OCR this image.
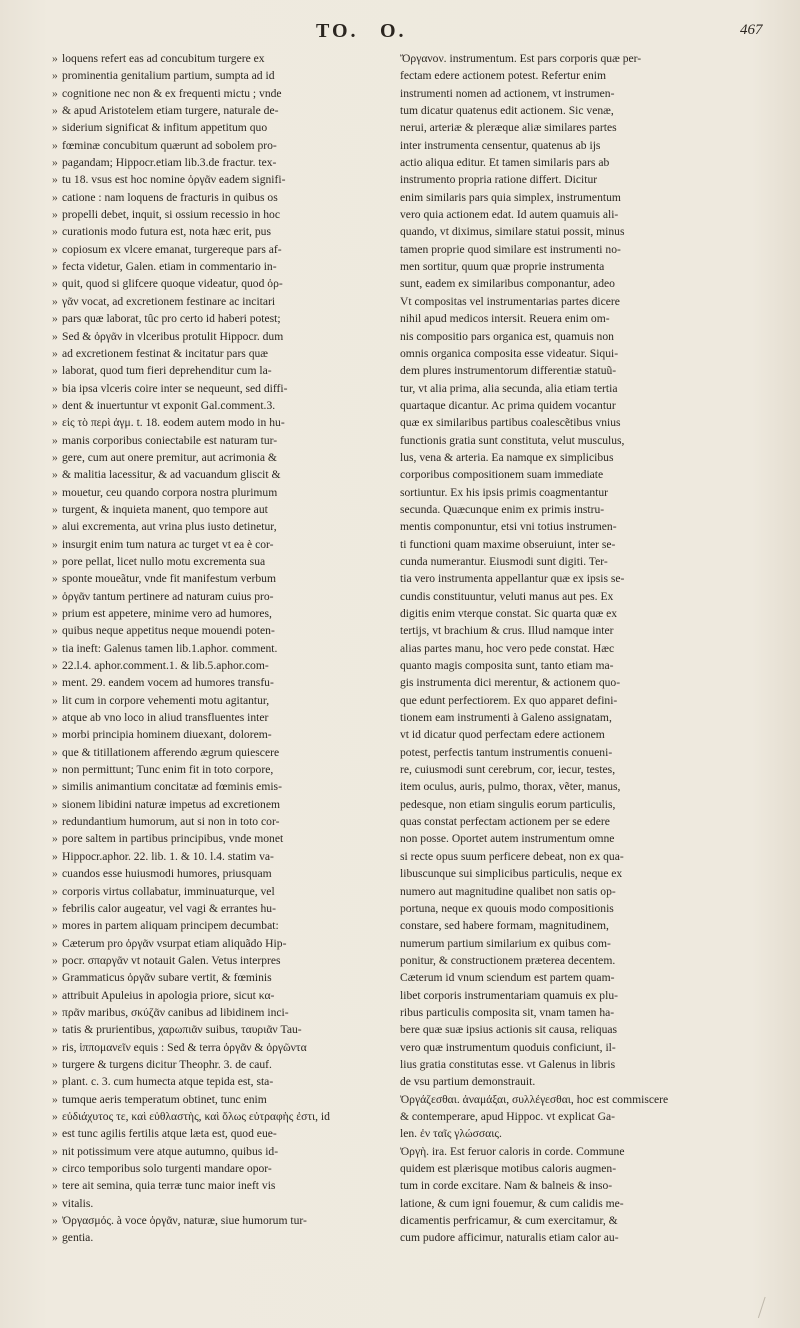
TO. O.	467
» loquens refert eas ad concubitum turgere ex
» prominentia genitalium partium, sumpta ad id
» cognitione nec non & ex frequenti mictu ; vnde
» & apud Aristotelem etiam turgere, naturale de-
» siderium significat & infitum appetitum quo
» fœminæ concubitum quærunt ad sobolem pro-
» pagandam; Hippocr.etiam lib.3.de fractur. tex-
» tu 18. vsus est hoc nomine ὀργᾶν eadem signifi-
» catione : nam loquens de fracturis in quibus os
» propelli debet, inquit, si ossium recessio in hoc
» curationis modo futura est, nota hæc erit, pus
» copiosum ex vlcere emanat, turgereque pars af-
» fecta videtur, Galen. etiam in commentario in-
» quit, quod si glifcere quoque videatur, quod ὀρ-
» γᾶν vocat, ad excretionem festinare ac incitari
» pars quæ laborat, tûc pro certo id haberi potest;
» Sed & ὀργᾶν in vlceribus protulit Hippocr. dum
» ad excretionem festinat & incitatur pars quæ
» laborat, quod tum fieri deprehenditur cum la-
» bia ipsa vlceris coire inter se nequeunt, sed diffi-
» dent & inuertuntur vt exponit Gal.comment.3.
» εἰς τὸ περὶ ἀγμ. t. 18. eodem autem modo in hu-
» manis corporibus coniectabile est naturam tur-
» gere, cum aut onere premitur, aut acrimonia &
» & malitia lacessitur, & ad vacuandum gliscit &
» mouetur, ceu quando corpora nostra plurimum
» turgent, & inquieta manent, quo tempore aut
» alui excrementa, aut vrina plus iusto detinetur,
» insurgit enim tum natura ac turget vt ea è cor-
» pore pellat, licet nullo motu excrementa sua
» sponte moueãtur, vnde fit manifestum verbum
» ὀργᾶν tantum pertinere ad naturam cuius pro-
» prium est appetere, minime vero ad humores,
» quibus neque appetitus neque mouendi poten-
» tia ineft: Galenus tamen lib.1.aphor. comment.
» 22.l.4. aphor.comment.1. & lib.5.aphor.com-
» ment. 29. eandem vocem ad humores transfu-
» lit cum in corpore vehementi motu agitantur,
» atque ab vno loco in aliud transfluentes inter
» morbi principia hominem diuexant, dolorem-
» que & titillationem afferendo ægrum quiescere
» non permittunt; Tunc enim fit in toto corpore,
» similis animantium concitatæ ad fœminis emis-
» sionem libidini naturæ impetus ad excretionem
» redundantium humorum, aut si non in toto cor-
» pore saltem in partibus principibus, vnde monet
» Hippocr.aphor. 22. lib. 1. & 10. l.4. statim va-
» cuandos esse huiusmodi humores, priusquam
» corporis virtus collabatur, imminuaturque, vel
» febrilis calor augeatur, vel vagi & errantes hu-
» mores in partem aliquam principem decumbat:
» Cæterum pro ὀργᾶν vsurpat etiam aliquãdo Hip-
» pocr. σπαργᾶν vt notauit Galen. Vetus interpres
» Grammaticus ὀργᾶν subare vertit, & fœminis
» attribuit Apuleius in apologia priore, sicut κα-
» πρᾶν maribus, σκύζᾶν canibus ad libidinem inci-
» tatis & prurientibus, χαρωπιᾶν suibus, ταυριᾶν Tau-
» ris, ἱππομανεῖν equis : Sed & terra ὀργᾶν & ὀργῶντα
» turgere & turgens dicitur Theophr. 3. de cauf.
» plant. c. 3. cum humecta atque tepida est, sta-
» tumque aeris temperatum obtinet, tunc enim
» εὐδιάχυτος τε, καὶ εὐθλαστὴς, καὶ ὅλως εὐτραφὴς ἐστι, id
» est tunc agilis fertilis atque læta est, quod eue-
» nit potissimum vere atque autumno, quibus id-
» circo temporibus solo turgenti mandare opor-
» tere ait semina, quia terræ tunc maior ineft vis
» vitalis.
» Ὀργασμός. à voce ὀργᾶν, naturæ, siue humorum tur-
» gentia.
Ὄργανον. instrumentum. Est pars corporis quæ per-
fectam edere actionem potest. Refertur enim
instrumenti nomen ad actionem, vt instrumen-
tum dicatur quatenus edit actionem. Sic venæ,
nerui, arteriæ & pleræque aliæ similares partes
inter instrumenta censentur, quatenus ab ijs
actio aliqua editur. Et tamen similaris pars ab
instrumento propria ratione differt. Dicitur
enim similaris pars quia simplex, instrumentum
vero quia actionem edat. Id autem quamuis ali-
quando, vt diximus, similare statui possit, minus
tamen proprie quod similare est instrumenti no-
men sortitur, quum quæ proprie instrumenta
sunt, eadem ex similaribus componantur, adeo
Vt compositas vel instrumentarias partes dicere
nihil apud medicos intersit. Reuera enim om-
nis compositio pars organica est, quamuis non
omnis organica composita esse videatur. Siqui-
dem plures instrumentorum differentiæ statuũ-
tur, vt alia prima, alia secunda, alia etiam tertia
quartaque dicantur. Ac prima quidem vocantur
quæ ex similaribus partibus coalescẽtibus vnius
functionis gratia sunt constituta, velut musculus,
lus, vena & arteria. Ea namque ex simplicibus
corporibus compositionem suam immediate
sortiuntur. Ex his ipsis primis coagmentantur
secunda. Quæcunque enim ex primis instru-
mentis componuntur, etsi vni totius instrumen-
ti functioni quam maxime obseruiunt, inter se-
cunda numerantur. Eiusmodi sunt digiti. Ter-
tia vero instrumenta appellantur quæ ex ipsis se-
cundis constituuntur, veluti manus aut pes. Ex
digitis enim vterque constat. Sic quarta quæ ex
tertijs, vt brachium & crus. Illud namque inter
alias partes manu, hoc vero pede constat. Hæc
quanto magis composita sunt, tanto etiam ma-
gis instrumenta dici merentur, & actionem quo-
que edunt perfectiorem. Ex quo apparet defini-
tionem eam instrumenti à Galeno assignatam,
vt id dicatur quod perfectam edere actionem
potest, perfectis tantum instrumentis conueni-
re, cuiusmodi sunt cerebrum, cor, iecur, testes,
item oculus, auris, pulmo, thorax, vẽter, manus,
pedesque, non etiam singulis eorum particulis,
quas constat perfectam actionem per se edere
non posse. Oportet autem instrumentum omne
si recte opus suum perficere debeat, non ex qua-
libuscunque sui simplicibus particulis, neque ex
numero aut magnitudine qualibet non satis op-
portuna, neque ex quouis modo compositionis
constare, sed habere formam, magnitudinem,
numerum partium similarium ex quibus com-
ponitur, & constructionem præterea decentem.
Cæterum id vnum sciendum est partem quam-
libet corporis instrumentariam quamuis ex plu-
ribus particulis composita sit, vnam tamen ha-
bere quæ suæ ipsius actionis sit causa, reliquas
vero quæ instrumentum quoduis conficiunt, il-
lius gratia constitutas esse. vt Galenus in libris
de vsu partium demonstrauit.
Ὀργάζεσθαι. ἀναμάξαι, συλλέγεσθαι, hoc est commiscere
& contemperare, apud Hippoc. vt explicat Ga-
len. ἐν ταῖς γλώσσαις.
Ὀργὴ. ira. Est feruor caloris in corde. Commune
quidem est plærisque motibus caloris augmen-
tum in corde excitare. Nam & balneis & inso-
latione, & cum igni fouemur, & cum calidis me-
dicamentis perfricamur, & cum exercitamur, &
cum pudore afficimur, naturalis etiam calor au-
